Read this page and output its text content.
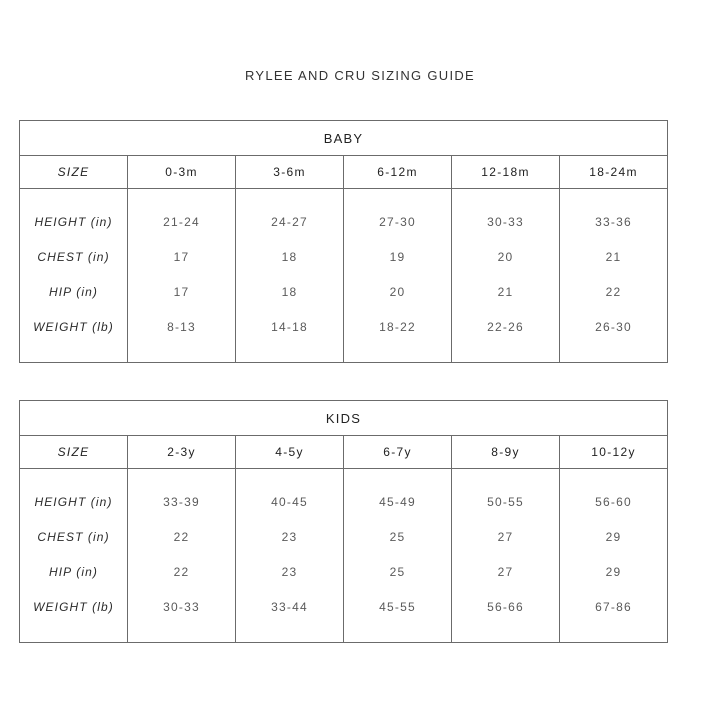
RYLEE AND CRU SIZING GUIDE
BABY
SIZE
HEIGHT (in)
CHEST (in)
HIP (in)
WEIGHT (lb)
0-3m
21-24
17
17
8-13
3-6m
24-27
18
18
14-18
6-12m
27-30
19
20
18-22
12-18m
30-33
20
21
22-26
18-24m
33-36
21
22
26-30
KIDS
SIZE
HEIGHT (in)
CHEST (in)
HIP (in)
WEIGHT (lb)
2-3y
33-39
22
22
30-33
4-5y
40-45
23
23
33-44
6-7y
45-49
25
25
45-55
8-9y
50-55
27
27
56-66
10-12y
56-60
29
29
67-86
